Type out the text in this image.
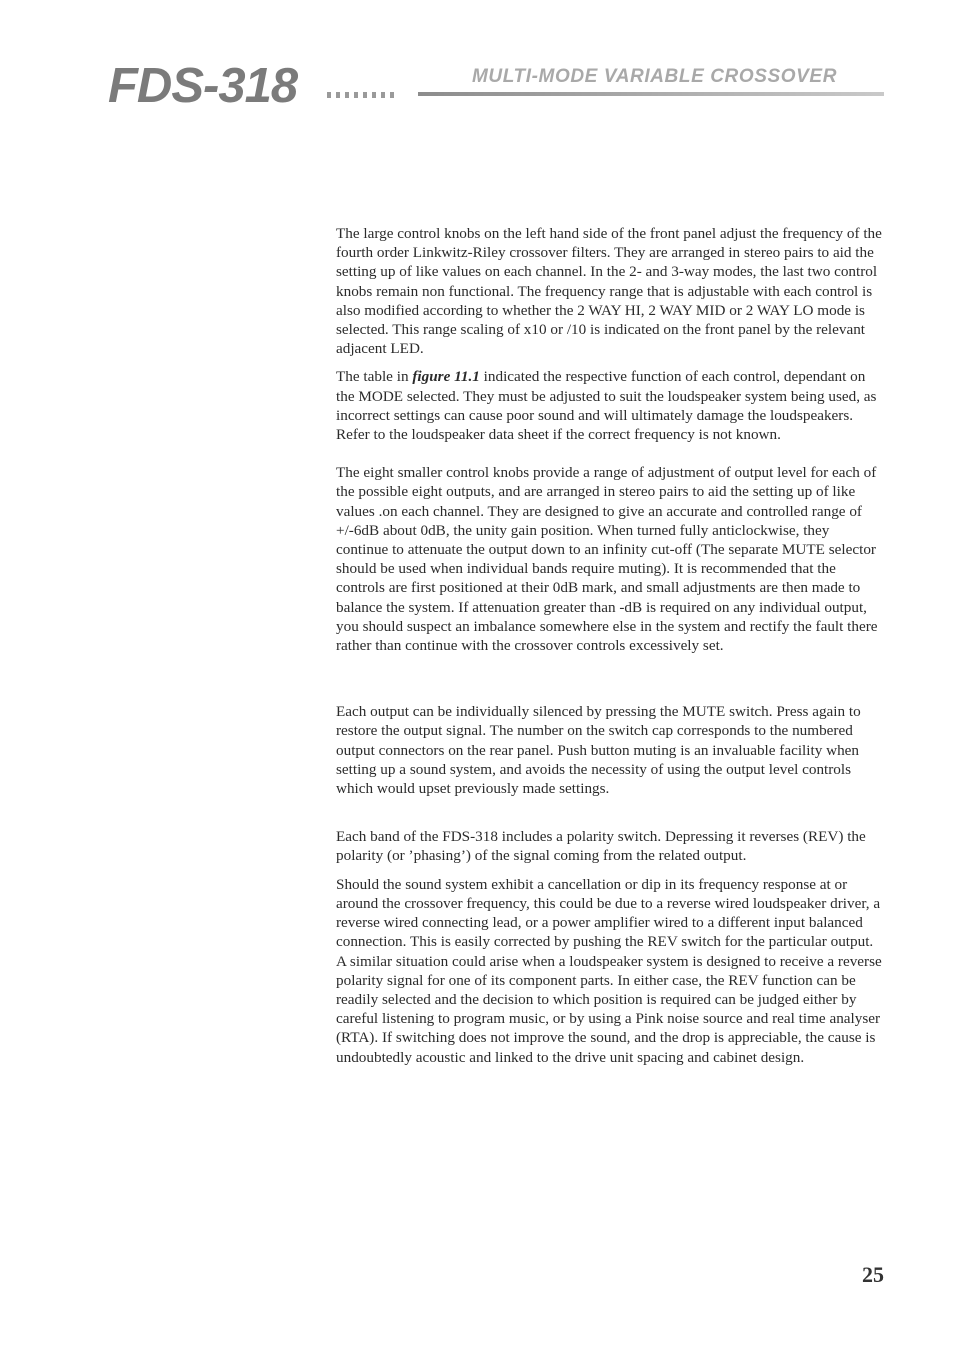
FDS-318	MULTI-MODE VARIABLE CROSSOVER

The large control knobs on the left hand side of the front panel adjust the frequency of the fourth order Linkwitz-Riley crossover filters. They are arranged in stereo pairs to aid the setting up of like values on each channel. In the 2- and 3-way modes, the last two control knobs remain non functional. The frequency range that is adjustable with each control is also modified according to whether the 2 WAY HI, 2 WAY MID or 2 WAY LO mode is selected. This range scaling of x10 or /10 is indicated on the front panel by the relevant adjacent LED.

The table in figure 11.1 indicated the respective function of each control, dependant on the MODE selected. They must be adjusted to suit the loudspeaker system being used, as incorrect settings can cause poor sound and will ultimately damage the loudspeakers. Refer to the loudspeaker data sheet if the correct frequency is not known.

The eight smaller control knobs provide a range of adjustment of output level for each of the possible eight outputs, and are arranged in stereo pairs to aid the setting up of like values .on each channel. They are designed to give an accurate and controlled range of +/-6dB about 0dB, the unity gain position. When turned fully anticlockwise, they continue to attenuate the output down to an infinity cut-off (The separate MUTE selector should be used when individual bands require muting). It is recommended that the controls are first positioned at their 0dB mark, and small adjustments are then made to balance the system. If attenuation greater than -dB is required on any individual output, you should suspect an imbalance somewhere else in the system and rectify the fault there rather than continue with the crossover controls excessively set.

Each output can be individually silenced by pressing the MUTE switch. Press again to restore the output signal. The number on the switch cap corresponds to the numbered output connectors on the rear panel. Push button muting is an invaluable facility when setting up a sound system, and avoids the necessity of using the output level controls which would upset previously made settings.

Each band of the FDS-318 includes a polarity switch. Depressing it reverses (REV) the polarity (or ’phasing’) of the signal coming from the related output.

Should the sound system exhibit a cancellation or dip in its frequency response at or around the crossover frequency, this could be due to a reverse wired loudspeaker driver, a reverse wired connecting lead, or a power amplifier wired to a different input balanced connection. This is easily corrected by pushing the REV switch for the particular output. A similar situation could arise when a loudspeaker system is designed to receive a reverse polarity signal for one of its component parts. In either case, the REV function can be readily selected and the decision to which position is required can be judged either by careful listening to program music, or by using a Pink noise source and real time analyser (RTA). If switching does not improve the sound, and the drop is appreciable, the cause is undoubtedly acoustic and linked to the drive unit spacing and cabinet design.

25
